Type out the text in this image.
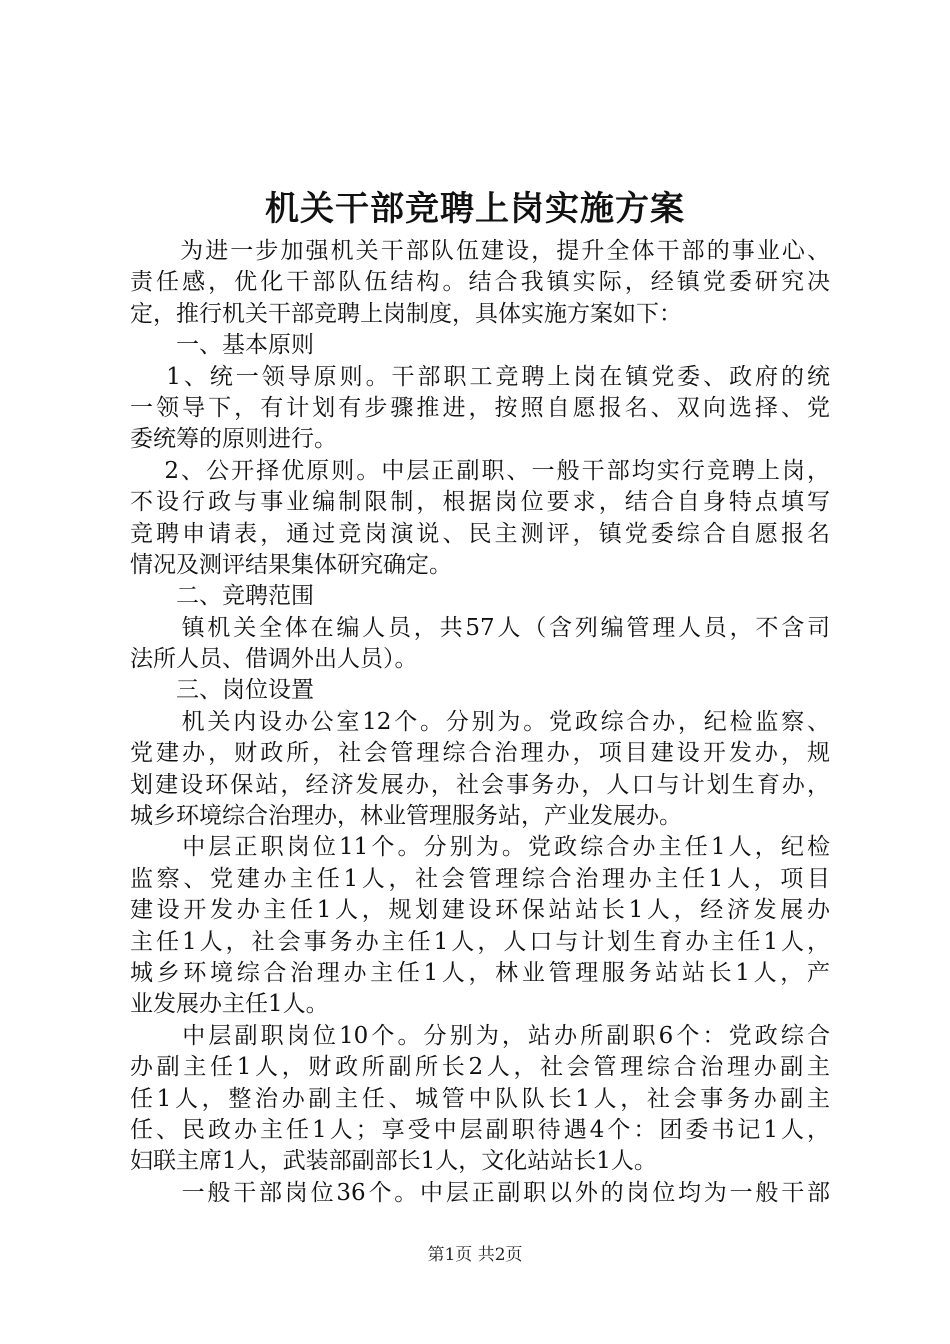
机关干部竞聘上岗实施方案
　　为进一步加强机关干部队伍建设，提升全体干部的事业心、
责任感，优化干部队伍结构。结合我镇实际，经镇党委研究决
定，推行机关干部竞聘上岗制度，具体实施方案如下：
　　一、基本原则
　 1、统一领导原则。干部职工竞聘上岗在镇党委、政府的统
一领导下，有计划有步骤推进，按照自愿报名、双向选择、党
委统筹的原则进行。
　 2、公开择优原则。中层正副职、一般干部均实行竞聘上岗，
不设行政与事业编制限制，根据岗位要求，结合自身特点填写
竞聘申请表，通过竞岗演说、民主测评，镇党委综合自愿报名
情况及测评结果集体研究确定。
　　二、竞聘范围
　　镇机关全体在编人员，共57人（含列编管理人员，不含司
法所人员、借调外出人员）。
　　三、岗位设置
　　机关内设办公室12个。分别为。党政综合办，纪检监察、
党建办，财政所，社会管理综合治理办，项目建设开发办，规
划建设环保站，经济发展办，社会事务办，人口与计划生育办，
城乡环境综合治理办，林业管理服务站，产业发展办。
　　中层正职岗位11个。分别为。党政综合办主任1人，纪检
监察、党建办主任1人，社会管理综合治理办主任1人，项目
建设开发办主任1人，规划建设环保站站长1人，经济发展办
主任1人，社会事务办主任1人，人口与计划生育办主任1人，
城乡环境综合治理办主任1人，林业管理服务站站长1人，产
业发展办主任1人。
　　中层副职岗位10个。分别为，站办所副职6个：党政综合
办副主任1人，财政所副所长2人，社会管理综合治理办副主
任1人，整治办副主任、城管中队队长1人，社会事务办副主
任、民政办主任1人；享受中层副职待遇4个：团委书记1人，
妇联主席1人，武装部副部长1人，文化站站长1人。
　　一般干部岗位36个。中层正副职以外的岗位均为一般干部
第1页 共2页
